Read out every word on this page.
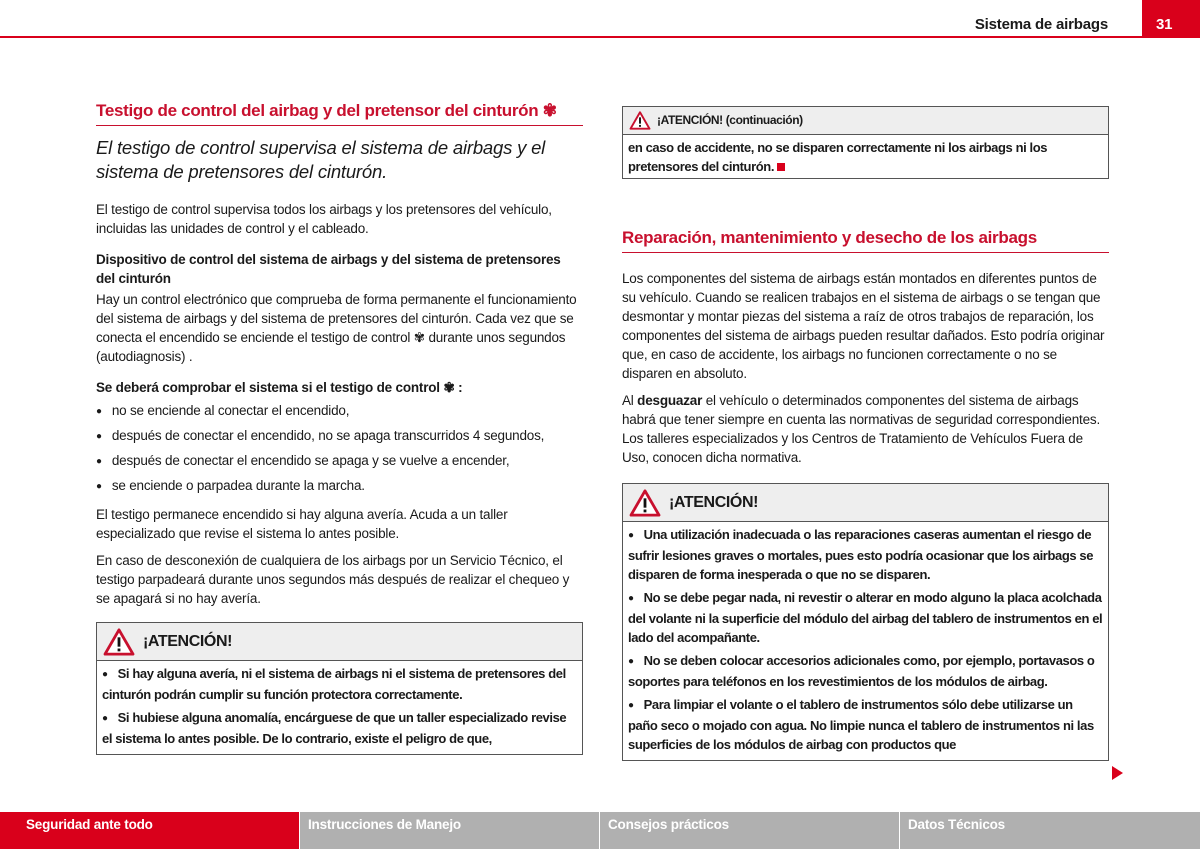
Sistema de airbags	31
Testigo de control del airbag y del pretensor del cinturón ✾
El testigo de control supervisa el sistema de airbags y el sistema de pretensores del cinturón.

El testigo de control supervisa todos los airbags y los pretensores del vehículo, incluidas las unidades de control y el cableado.

Dispositivo de control del sistema de airbags y del sistema de pretensores del cinturón

Hay un control electrónico que comprueba de forma permanente el funcionamiento del sistema de airbags y del sistema de pretensores del cinturón. Cada vez que se conecta el encendido se enciende el testigo de control ✾ durante unos segundos (autodiagnosis) .

Se deberá comprobar el sistema si el testigo de control ✾ :

● no se enciende al conectar el encendido,

● después de conectar el encendido, no se apaga transcurridos 4 segundos,

● después de conectar el encendido se apaga y se vuelve a encender,

● se enciende o parpadea durante la marcha.

El testigo permanece encendido si hay alguna avería. Acuda a un taller especializado que revise el sistema lo antes posible.

En caso de desconexión de cualquiera de los airbags por un Servicio Técnico, el testigo parpadeará durante unos segundos más después de realizar el chequeo y se apagará si no hay avería.

¡ATENCIÓN!

● Si hay alguna avería, ni el sistema de airbags ni el sistema de pretensores del cinturón podrán cumplir su función protectora correctamente.

● Si hubiese alguna anomalía, encárguese de que un taller especializado revise el sistema lo antes posible. De lo contrario, existe el peligro de que,

¡ATENCIÓN! (continuación)

en caso de accidente, no se disparen correctamente ni los airbags ni los pretensores del cinturón.

Reparación, mantenimiento y desecho de los airbags

Los componentes del sistema de airbags están montados en diferentes puntos de su vehículo. Cuando se realicen trabajos en el sistema de airbags o se tengan que desmontar y montar piezas del sistema a raíz de otros trabajos de reparación, los componentes del sistema de airbags pueden resultar dañados. Esto podría originar que, en caso de accidente, los airbags no funcionen correctamente o no se disparen en absoluto.

Al desguazar el vehículo o determinados componentes del sistema de airbags habrá que tener siempre en cuenta las normativas de seguridad correspondientes. Los talleres especializados y los Centros de Tratamiento de Vehículos Fuera de Uso, conocen dicha normativa.

¡ATENCIÓN!

● Una utilización inadecuada o las reparaciones caseras aumentan el riesgo de sufrir lesiones graves o mortales, pues esto podría ocasionar que los airbags se disparen de forma inesperada o que no se disparen.

● No se debe pegar nada, ni revestir o alterar en modo alguno la placa acolchada del volante ni la superficie del módulo del airbag del tablero de instrumentos en el lado del acompañante.

● No se deben colocar accesorios adicionales como, por ejemplo, portavasos o soportes para teléfonos en los revestimientos de los módulos de airbag.

● Para limpiar el volante o el tablero de instrumentos sólo debe utilizarse un paño seco o mojado con agua. No limpie nunca el tablero de instrumentos ni las superficies de los módulos de airbag con productos que

Seguridad ante todo	Instrucciones de Manejo	Consejos prácticos	Datos Técnicos
